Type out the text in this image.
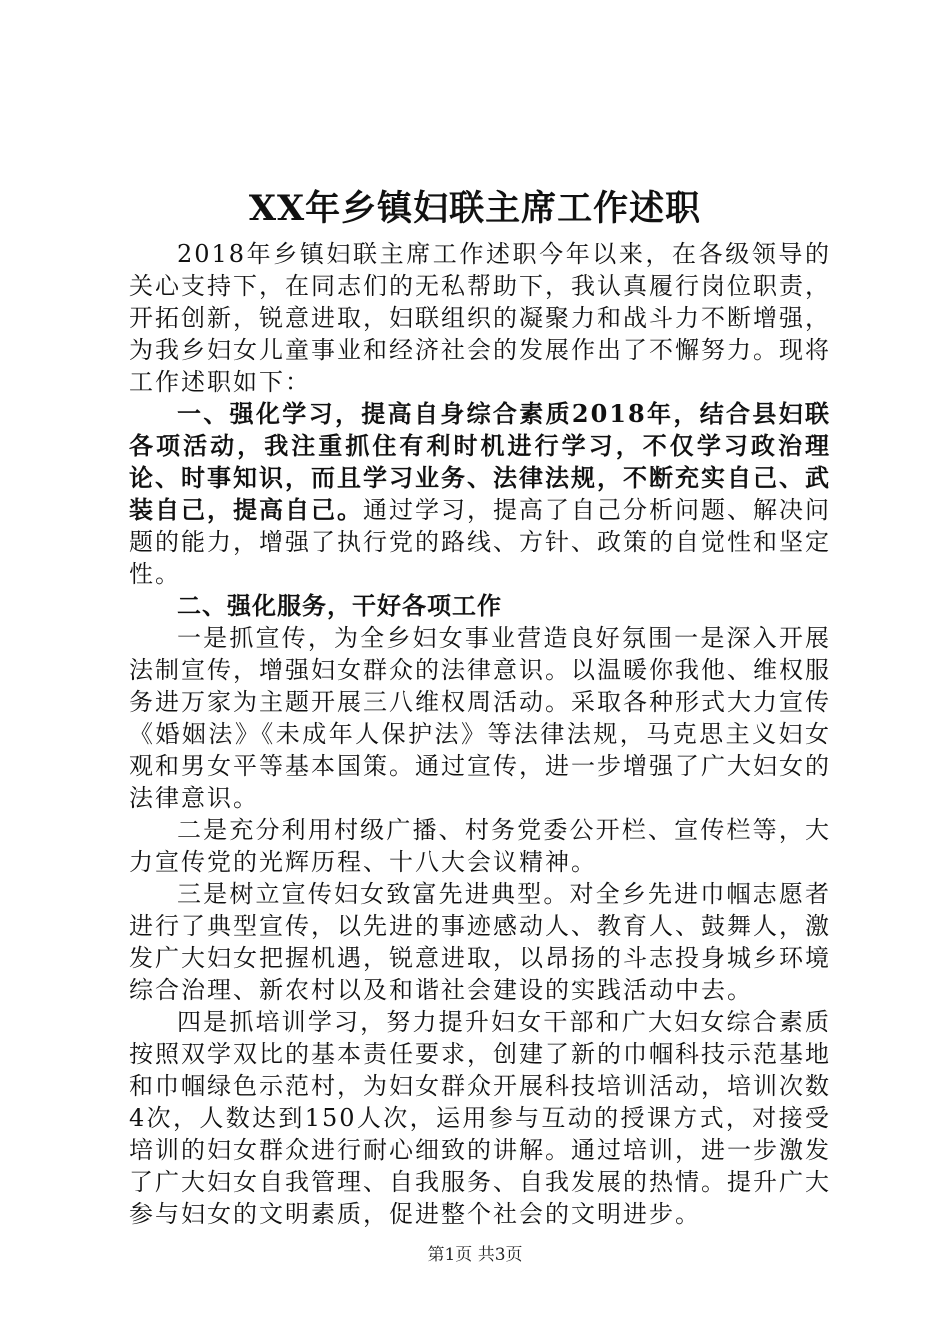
XX年乡镇妇联主席工作述职

2018年乡镇妇联主席工作述职今年以来，在各级领导的关心支持下，在同志们的无私帮助下，我认真履行岗位职责，开拓创新，锐意进取，妇联组织的凝聚力和战斗力不断增强，为我乡妇女儿童事业和经济社会的发展作出了不懈努力。现将工作述职如下：

一、强化学习，提高自身综合素质2018年，结合县妇联各项活动，我注重抓住有利时机进行学习，不仅学习政治理论、时事知识，而且学习业务、法律法规，不断充实自己、武装自己，提高自己。通过学习，提高了自己分析问题、解决问题的能力，增强了执行党的路线、方针、政策的自觉性和坚定性。

二、强化服务，干好各项工作

一是抓宣传，为全乡妇女事业营造良好氛围一是深入开展法制宣传，增强妇女群众的法律意识。以温暖你我他、维权服务进万家为主题开展三八维权周活动。采取各种形式大力宣传《婚姻法》《未成年人保护法》等法律法规，马克思主义妇女观和男女平等基本国策。通过宣传，进一步增强了广大妇女的法律意识。

二是充分利用村级广播、村务党委公开栏、宣传栏等，大力宣传党的光辉历程、十八大会议精神。

三是树立宣传妇女致富先进典型。对全乡先进巾帼志愿者进行了典型宣传，以先进的事迹感动人、教育人、鼓舞人，激发广大妇女把握机遇，锐意进取，以昂扬的斗志投身城乡环境综合治理、新农村以及和谐社会建设的实践活动中去。

四是抓培训学习，努力提升妇女干部和广大妇女综合素质按照双学双比的基本责任要求，创建了新的巾帼科技示范基地和巾帼绿色示范村，为妇女群众开展科技培训活动，培训次数4次，人数达到150人次，运用参与互动的授课方式，对接受培训的妇女群众进行耐心细致的讲解。通过培训，进一步激发了广大妇女自我管理、自我服务、自我发展的热情。提升广大参与妇女的文明素质，促进整个社会的文明进步。

第1页 共3页
